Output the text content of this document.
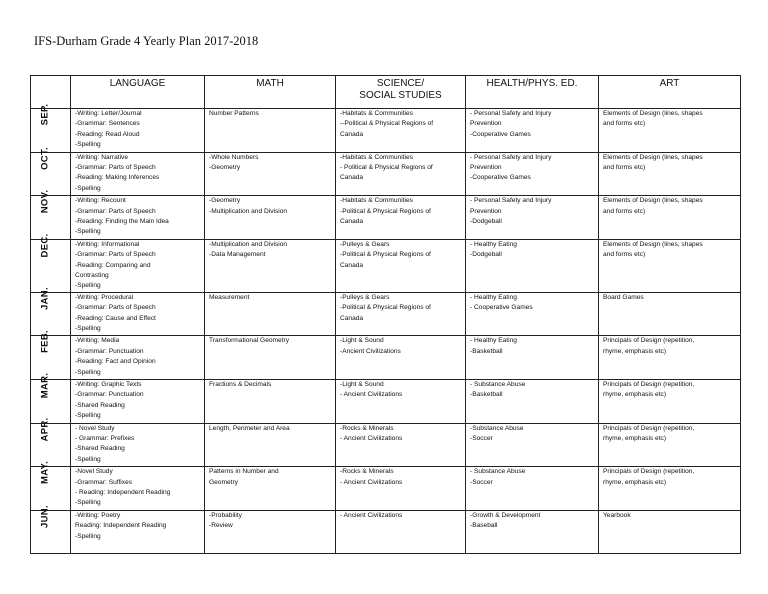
IFS-Durham Grade 4 Yearly Plan 2017-2018
	LANGUAGE	MATH	SCIENCE/
SOCIAL STUDIES	HEALTH/PHYS. ED.	ART

SEP.	-Writing: Letter/Journal
-Grammar: Sentences
-Reading: Read Aloud
-Spelling	Number Patterns	-Habitats & Communities
--Political & Physical Regions of
Canada	- Personal Safety and Injury
Prevention
-Cooperative Games	Elements of Design (lines, shapes
and forms etc)

OCT.	-Writing: Narrative
-Grammar: Parts of Speech
-Reading: Making Inferences
-Spelling	-Whole Numbers
-Geometry	-Habitats & Communities
- Political & Physical Regions of
Canada	- Personal Safety and Injury
Prevention
-Cooperative Games	Elements of Design (lines, shapes
and forms etc)

NOV.	-Writing: Recount
-Grammar: Parts of Speech
-Reading: Finding the Main Idea
-Spelling	-Geometry
-Multiplication and Division	-Habitats & Communities
-Political & Physical Regions of
Canada	- Personal Safety and Injury
Prevention
-Dodgeball	Elements of Design (lines, shapes
and forms etc)

DEC.	-Writing: Informational
-Grammar: Parts of Speech
-Reading: Comparing and
Contrasting
-Spelling	-Multiplication and Division
-Data Management	-Pulleys & Gears
-Political & Physical Regions of
Canada	- Healthy Eating
-Dodgeball	Elements of Design (lines, shapes
and forms etc)

JAN.	-Writing: Procedural
-Grammar: Parts of Speech
-Reading: Cause and Effect
-Spelling	Measurement	-Pulleys & Gears
-Political & Physical Regions of
Canada	- Healthy Eating
- Cooperative Games	Board Games

FEB.	-Writing: Media
-Grammar: Punctuation
-Reading: Fact and Opinion
-Spelling	Transformational Geometry	-Light & Sound
-Ancient Civilizations	- Healthy Eating
-Basketball	Principals of Design (repetition,
rhyme, emphasis etc)

MAR.	-Writing: Graphic Texts
-Grammar: Punctuation
-Shared Reading
-Spelling	Fractions & Decimals	-Light & Sound
- Ancient Civilizations	- Substance Abuse
-Basketball	Principals of Design (repetition,
rhyme, emphasis etc)

APR.	- Novel Study
- Grammar: Prefixes
-Shared Reading
-Spelling	Length, Perimeter and Area	-Rocks & Minerals
- Ancient Civilizations	-Substance Abuse
-Soccer	Principals of Design (repetition,
rhyme, emphasis etc)

MAY.	-Novel Study
-Grammar: Suffixes
- Reading: Independent Reading
-Spelling	Patterns in Number and
Geometry	-Rocks & Minerals
- Ancient Civilizations	- Substance Abuse
-Soccer	Principals of Design (repetition,
rhyme, emphasis etc)

JUN.	-Writing: Poetry
Reading: Independent Reading
-Spelling	-Probability
-Review	- Ancient Civilizations	-Growth & Development
-Baseball	Yearbook
